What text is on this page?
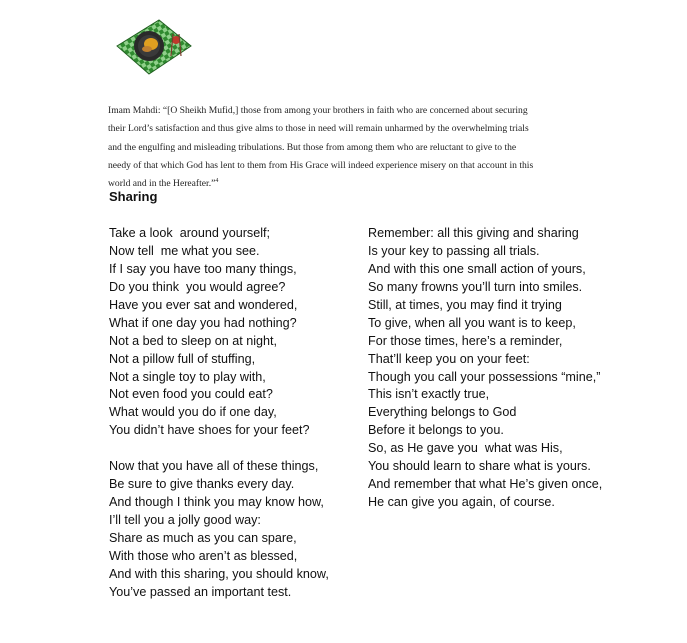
Imam Mahdi: “[O Sheikh Mufid,] those from among your brothers in faith who are concerned about securing
their Lord’s satisfaction and thus give alms to those in need will remain unharmed by the overwhelming trials
and the engulfing and misleading tribulations. But those from among them who are reluctant to give to the
needy of that which God has lent to them from His Grace will indeed experience misery on that account in this
world and in the Hereafter.”$^4$
Sharing
Take a look  around yourself;
Now tell  me what you see.
If I say you have too many things,
Do you think  you would agree?
Have you ever sat and wondered,
What if one day you had nothing?
Not a bed to sleep on at night,
Not a pillow full of stuffing,
Not a single toy to play with,
Not even food you could eat?
What would you do if one day,
You didn’t have shoes for your feet?
Now that you have all of these things,
Be sure to give thanks every day.
And though I think you may know how,
I’ll tell you a jolly good way:
Share as much as you can spare,
With those who aren’t as blessed,
And with this sharing, you should know,
You’ve passed an important test.
Remember: all this giving and sharing
Is your key to passing all trials.
And with this one small action of yours,
So many frowns you’ll turn into smiles.
Still, at times, you may find it trying
To give, when all you want is to keep,
For those times, here’s a reminder,
That’ll keep you on your feet:
Though you call your possessions “mine,”
This isn’t exactly true,
Everything belongs to God
Before it belongs to you.
So, as He gave you  what was His,
You should learn to share what is yours.
And remember that what He’s given once,
He can give you again, of course.
